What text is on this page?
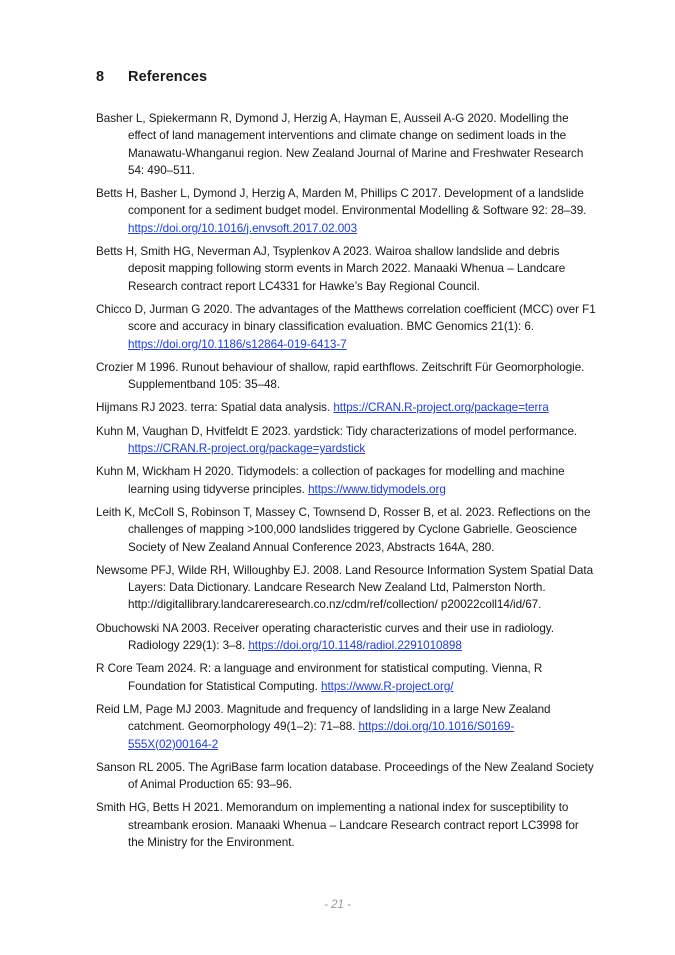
8 References

Basher L, Spiekermann R, Dymond J, Herzig A, Hayman E, Ausseil A-G 2020. Modelling the effect of land management interventions and climate change on sediment loads in the Manawatu-Whanganui region. New Zealand Journal of Marine and Freshwater Research 54: 490–511.

Betts H, Basher L, Dymond J, Herzig A, Marden M, Phillips C 2017. Development of a landslide component for a sediment budget model. Environmental Modelling & Software 92: 28–39. https://doi.org/10.1016/j.envsoft.2017.02.003

Betts H, Smith HG, Neverman AJ, Tsyplenkov A 2023. Wairoa shallow landslide and debris deposit mapping following storm events in March 2022. Manaaki Whenua – Landcare Research contract report LC4331 for Hawke’s Bay Regional Council.

Chicco D, Jurman G 2020. The advantages of the Matthews correlation coefficient (MCC) over F1 score and accuracy in binary classification evaluation. BMC Genomics 21(1): 6. https://doi.org/10.1186/s12864-019-6413-7

Crozier M 1996. Runout behaviour of shallow, rapid earthflows. Zeitschrift Für Geomorphologie. Supplementband 105: 35–48.

Hijmans RJ 2023. terra: Spatial data analysis. https://CRAN.R-project.org/package=terra

Kuhn M, Vaughan D, Hvitfeldt E 2023. yardstick: Tidy characterizations of model performance. https://CRAN.R-project.org/package=yardstick

Kuhn M, Wickham H 2020. Tidymodels: a collection of packages for modelling and machine learning using tidyverse principles. https://www.tidymodels.org

Leith K, McColl S, Robinson T, Massey C, Townsend D, Rosser B, et al. 2023. Reflections on the challenges of mapping >100,000 landslides triggered by Cyclone Gabrielle. Geoscience Society of New Zealand Annual Conference 2023, Abstracts 164A, 280.

Newsome PFJ, Wilde RH, Willoughby EJ. 2008. Land Resource Information System Spatial Data Layers: Data Dictionary. Landcare Research New Zealand Ltd, Palmerston North. http://digitallibrary.landcareresearch.co.nz/cdm/ref/collection/ p20022coll14/id/67.

Obuchowski NA 2003. Receiver operating characteristic curves and their use in radiology. Radiology 229(1): 3–8. https://doi.org/10.1148/radiol.2291010898

R Core Team 2024. R: a language and environment for statistical computing. Vienna, R Foundation for Statistical Computing. https://www.R-project.org/

Reid LM, Page MJ 2003. Magnitude and frequency of landsliding in a large New Zealand catchment. Geomorphology 49(1–2): 71–88. https://doi.org/10.1016/S0169-555X(02)00164-2

Sanson RL 2005. The AgriBase farm location database. Proceedings of the New Zealand Society of Animal Production 65: 93–96.

Smith HG, Betts H 2021. Memorandum on implementing a national index for susceptibility to streambank erosion. Manaaki Whenua – Landcare Research contract report LC3998 for the Ministry for the Environment.

- 21 -
